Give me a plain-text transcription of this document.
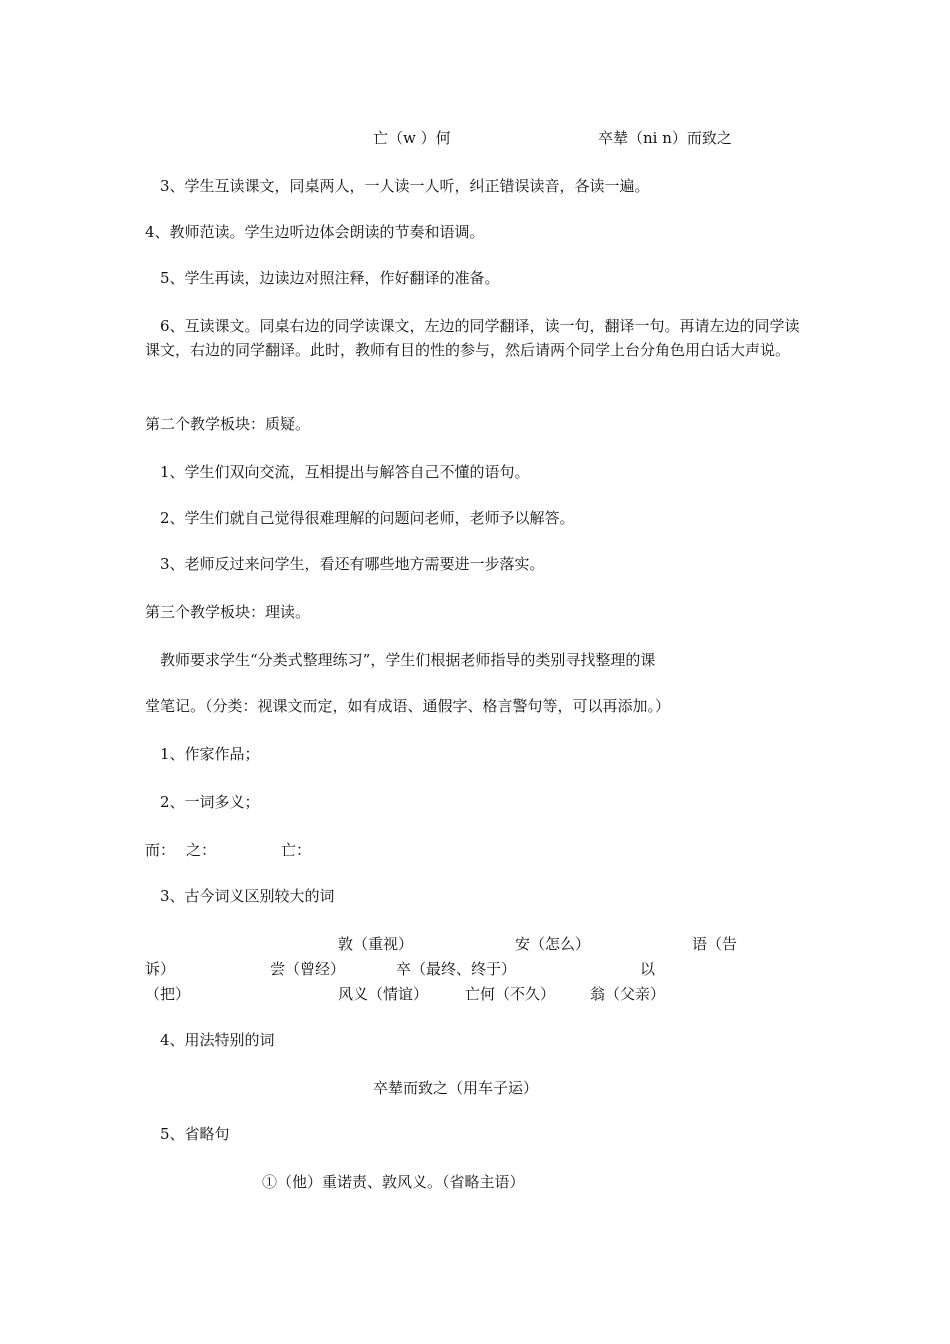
亡（w ）何	卒辇（ni n）而致之
3、学生互读课文，同桌两人，一人读一人听，纠正错误读音，各读一遍。
4、教师范读。学生边听边体会朗读的节奏和语调。
5、学生再读，边读边对照注释，作好翻译的准备。
6、互读课文。同桌右边的同学读课文，左边的同学翻译，读一句，翻译一句。再请左边的同学读课文，右边的同学翻译。此时，教师有目的性的参与，然后请两个同学上台分角色用白话大声说。
第二个教学板块：质疑。
1、学生们双向交流，互相提出与解答自己不懂的语句。
2、学生们就自己觉得很难理解的问题问老师，老师予以解答。
3、老师反过来问学生，看还有哪些地方需要进一步落实。
第三个教学板块：理读。
教师要求学生“分类式整理练习”，学生们根据老师指导的类别寻找整理的课
堂笔记。（分类：视课文而定，如有成语、通假字、格言警句等，可以再添加。）
1、作家作品；
2、一词多义；
而： 之：	亡：
3、古今词义区别较大的词
敦（重视）	安（怎么）	语（告
诉）	尝（曾经）	卒（最终、终于）	以
（把）	风义（情谊） 亡何（不久） 翁（父亲）
4、用法特别的词
卒辇而致之（用车子运）
5、省略句
①（他）重诺责、敦风义。（省略主语）
